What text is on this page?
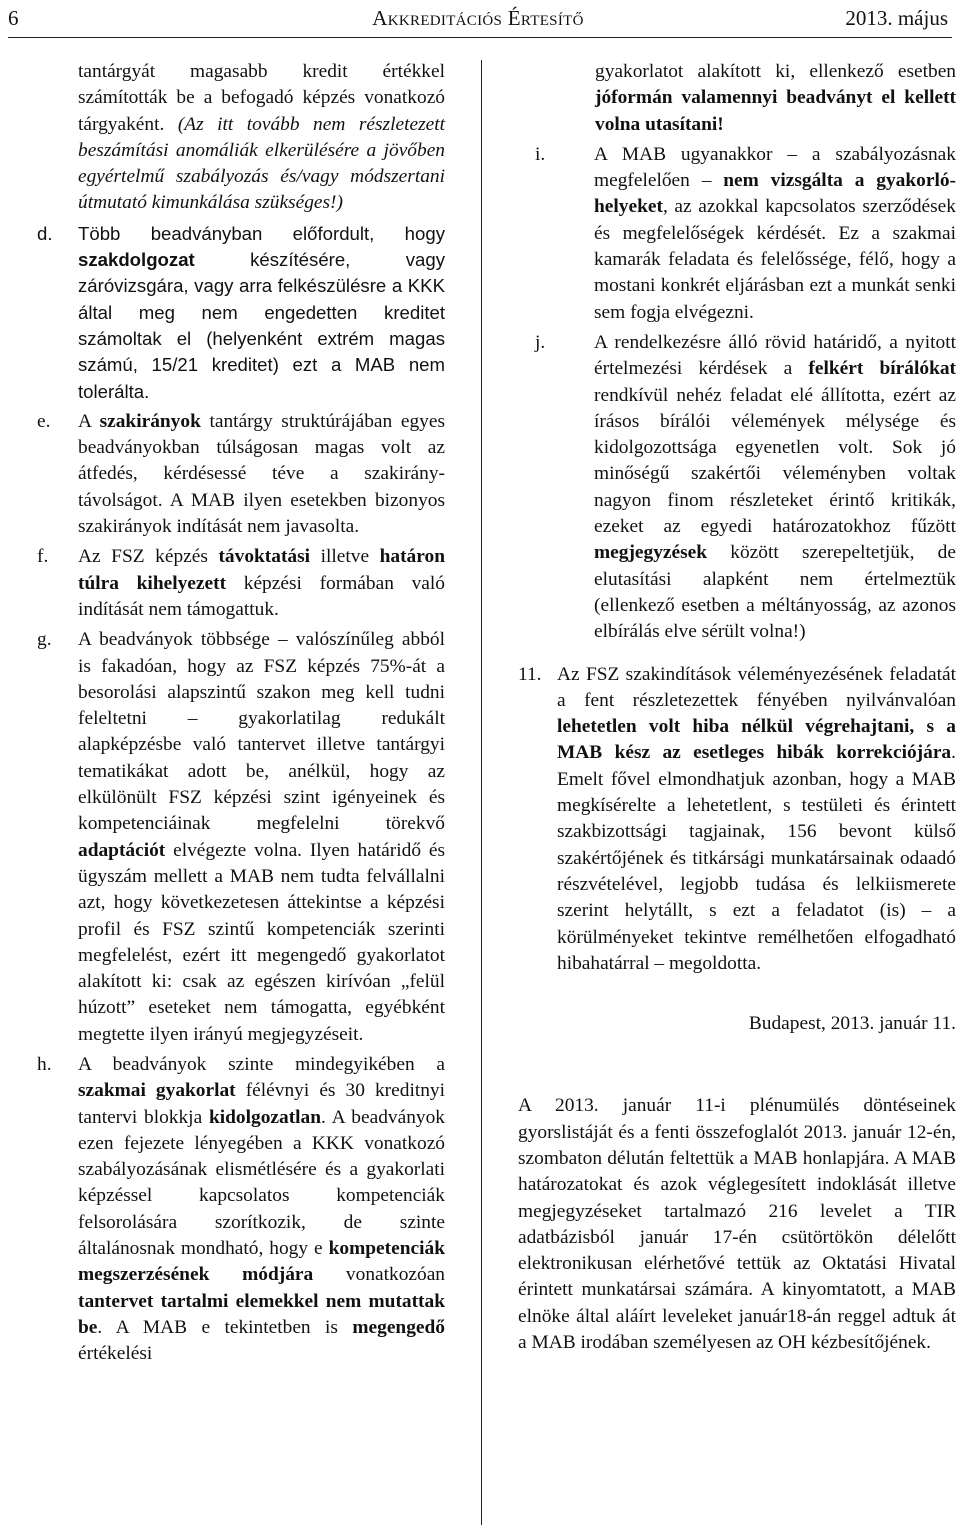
6	Akkreditációs Értesítő	2013. május
tantárgyát magasabb kredit értékkel számították be a befogadó képzés vonatkozó tárgyaként. (Az itt tovább nem részletezett beszámítási anomáliák elkerülésére a jövőben egyértelmű szabályozás és/vagy módszertani útmutató kimunkálása szükséges!)
d. Több beadványban előfordult, hogy szakdolgozat készítésére, vagy záróvizsgára, vagy arra felkészülésre a KKK által meg nem engedetten kreditet számoltak el (helyenként extrém magas számú, 15/21 kreditet) ezt a MAB nem tolerálta.
e. A szakirányok tantárgy struktúrájában egyes beadványokban túlságosan magas volt az átfedés, kérdésessé téve a szakirány-távolságot. A MAB ilyen esetekben bizonyos szakirányok indítását nem javasolta.
f. Az FSZ képzés távoktatási illetve határon túlra kihelyezett képzési formában való indítását nem támogattuk.
g. A beadványok többsége – valószínűleg abból is fakadóan, hogy az FSZ képzés 75%-át a besorolási alapszintű szakon meg kell tudni feleltetni – gyakorlatilag redukált alapképzésbe való tantervet illetve tantárgyi tematikákat adott be, anélkül, hogy az elkülönült FSZ képzési szint igényeinek és kompetenciáinak megfelelni törekvő adaptációt elvégezte volna. Ilyen határidő és ügyszám mellett a MAB nem tudta felvállalni azt, hogy következetesen áttekintse a képzési profil és FSZ szintű kompetenciák szerinti megfelelést, ezért itt megengedő gyakorlatot alakított ki: csak az egészen kirívóan „felül húzott” eseteket nem támogatta, egyébként megtette ilyen irányú megjegyzéseit.
h. A beadványok szinte mindegyikében a szakmai gyakorlat félévnyi és 30 kreditnyi tantervi blokkja kidolgozatlan. A beadványok ezen fejezete lényegében a KKK vonatkozó szabályozásának elismétlésére és a gyakorlati képzéssel kapcsolatos kompetenciák felsorolására szorítkozik, de szinte általánosnak mondható, hogy e kompetenciák megszerzésének módjára vonatkozóan tantervet tartalmi elemekkel nem mutattak be. A MAB e tekintetben is megengedő értékelési
gyakorlatot alakított ki, ellenkező esetben jóformán valamennyi beadványt el kellett volna utasítani!
i.	A MAB ugyanakkor – a szabályozásnak megfelelően – nem vizsgálta a gyakorló-helyeket, az azokkal kapcsolatos szerződések és megfelelőségek kérdését. Ez a szakmai kamarák feladata és felelőssége, félő, hogy a mostani konkrét eljárásban ezt a munkát senki sem fogja elvégezni.
j.	A rendelkezésre álló rövid határidő, a nyitott értelmezési kérdések a felkért bírálókat rendkívül nehéz feladat elé állította, ezért az írásos bírálói vélemények mélysége és kidolgozottsága egyenetlen volt. Sok jó minőségű szakértői véleményben voltak nagyon finom részleteket érintő kritikák, ezeket az egyedi határozatokhoz fűzött megjegyzések között szerepeltetjük, de elutasítási alapként nem értelmeztük (ellenkező esetben a méltányosság, az azonos elbírálás elve sérült volna!)
11. Az FSZ szakindítások véleményezésének feladatát a fent részletezettek fényében nyilvánvalóan lehetetlen volt hiba nélkül végrehajtani, s a MAB kész az esetleges hibák korrekciójára. Emelt fővel elmondhatjuk azonban, hogy a MAB megkísérelte a lehetetlent, s testületi és érintett szakbizottsági tagjainak, 156 bevont külső szakértőjének és titkársági munkatársainak odaadó részvételével, legjobb tudása és lelkiismerete szerint helytállt, s ezt a feladatot (is) – a körülményeket tekintve remélhetően elfogadható hibahatárral – megoldotta.
Budapest, 2013. január 11.
A 2013. január 11-i plénumülés döntéseinek gyorslistáját és a fenti összefoglalót 2013. január 12-én, szombaton délután feltettük a MAB honlapjára. A MAB határozatokat és azok véglegesített indoklását illetve megjegyzéseket tartalmazó 216 levelet a TIR adatbázisból január 17-én csütörtökön délelőtt elektronikusan elérhetővé tettük az Oktatási Hivatal érintett munkatársai számára. A kinyomtatott, a MAB elnöke által aláírt leveleket január18-án reggel adtuk át a MAB irodában személyesen az OH kézbesítőjének.
